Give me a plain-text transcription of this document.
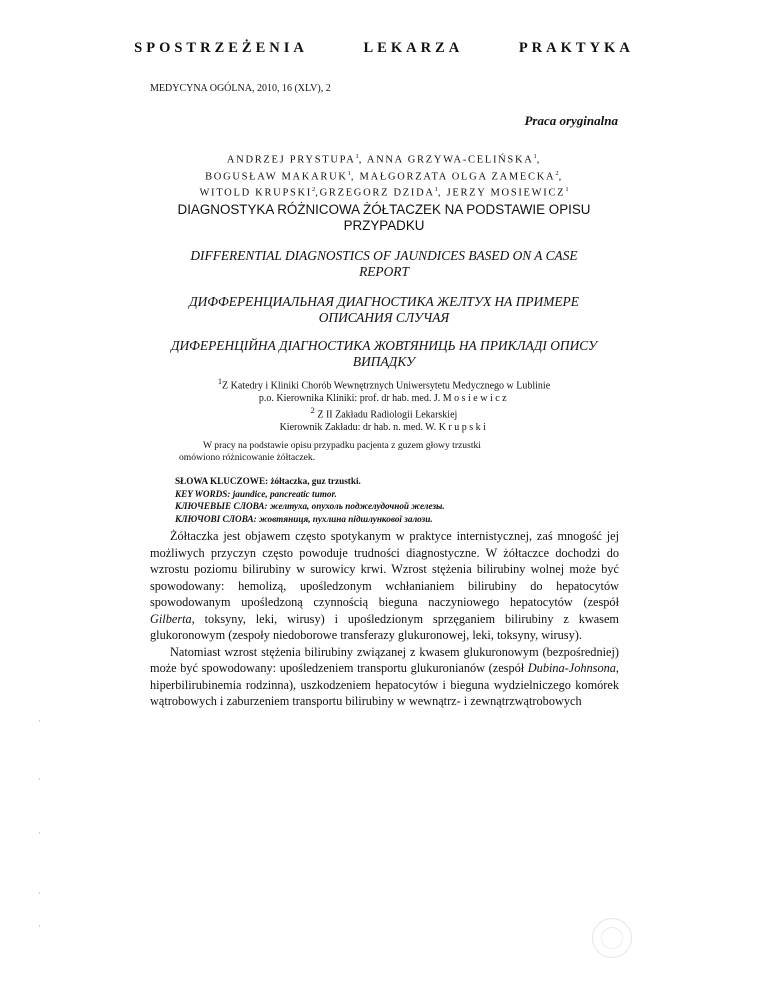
SPOSTRZEŻENIA	LEKARZA	PRAKTYKA
MEDYCYNA OGÓLNA, 2010, 16 (XLV), 2
Praca oryginalna
ANDRZEJ PRYSTUPA$^1$, ANNA GRZYWA-CELIŃSKA$^1$,
BOGUSŁAW MAKARUK$^1$, MAŁGORZATA OLGA ZAMECKA$^2$,
WITOLD KRUPSKI$^2$,GRZEGORZ DZIDA$^1$, JERZY MOSIEWICZ$^1$
DIAGNOSTYKA RÓŻNICOWA ŻÓŁTACZEK NA PODSTAWIE OPISU PRZYPADKU
DIFFERENTIAL DIAGNOSTICS OF JAUNDICES BASED ON A CASE REPORT
ДИФФЕРЕНЦИАЛЬНАЯ ДИАГНОСТИКА ЖЕЛТУХ НА ПРИМЕРЕ ОПИСАНИЯ СЛУЧАЯ
ДИФЕРЕНЦІЙНА ДІАГНОСТИКА ЖОВТЯНИЦЬ НА ПРИКЛАДІ ОПИСУ ВИПАДКУ
$^1$Z Katedry i Kliniki Chorób Wewnętrznych Uniwersytetu Medycznego w Lublinie
p.o. Kierownika Kliniki: prof. dr hab. med. J. Mosiewicz
$^2$ Z II Zakładu Radiologii Lekarskiej
Kierownik Zakładu: dr hab. n. med. W. Krupski
W pracy na podstawie opisu przypadku pacjenta z guzem głowy trzustki
omówiono różnicowanie żółtaczek.
SŁOWA KLUCZOWE: żółtaczka, guz trzustki.
KEY WORDS: jaundice, pancreatic tumor.
КЛЮЧЕВЫЕ СЛОВА: желтуха, опухоль поджелудочной железы.
КЛЮЧОВІ СЛОВА: жовтяниця, пухлина підшлункової залози.

Żółtaczka jest objawem często spotykanym w praktyce internistycznej, zaś mnogość jej możliwych przyczyn często powoduje trudności diagnostyczne. W żółtaczce dochodzi do wzrostu poziomu bilirubiny w surowicy krwi. Wzrost stężenia bilirubiny wolnej może być spowodowany: hemolizą, upośledzonym wchłanianiem bilirubiny do hepatocytów spowodowanym upośledzoną czynnością bieguna naczyniowego hepatocytów (zespół Gilberta, toksyny, leki, wirusy) i upośledzionym sprzęganiem bilirubiny z kwasem glukoronowym (zespoły niedoborowe transferazy glukuronowej, leki, toksyny, wirusy).

Natomiast wzrost stężenia bilirubiny związanej z kwasem glukuronowym (bezpośredniej) może być spowodowany: upośledzeniem transportu glukuronianów (zespół Dubina-Johnsona, hiperbilirubinemia rodzinna), uszkodzeniem hepatocytów i bieguna wydzielniczego komórek wątrobowych i zaburzeniem transportu bilirubiny w wewnątrz- i zewnątrzwątrobowych
